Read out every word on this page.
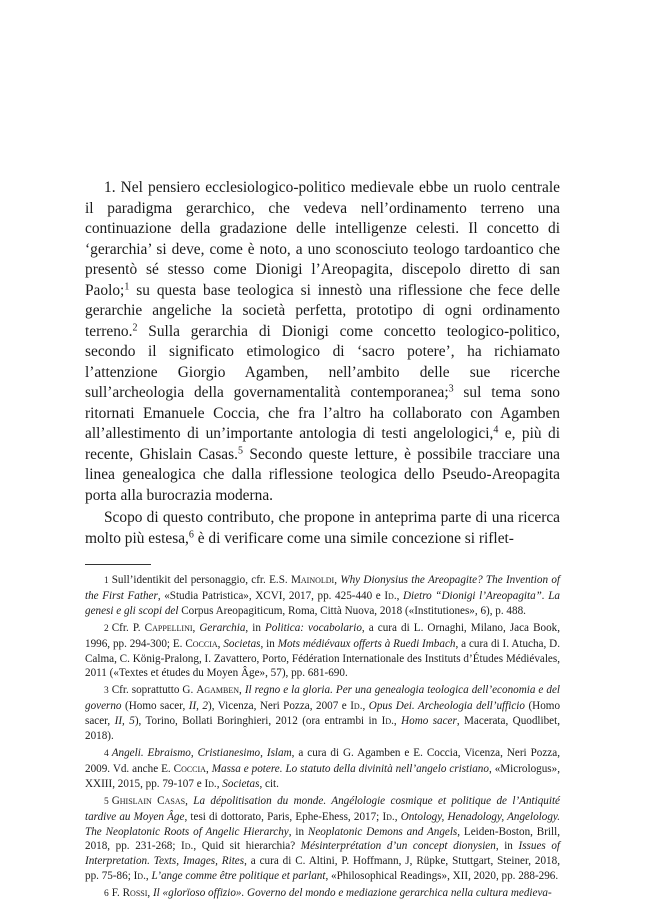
1. Nel pensiero ecclesiologico-politico medievale ebbe un ruolo centrale il paradigma gerarchico, che vedeva nell’ordinamento terreno una continuazione della gradazione delle intelligenze celesti. Il concetto di ‘gerarchia’ si deve, come è noto, a uno sconosciuto teologo tardoantico che presentò sé stesso come Dionigi l’Areopagita, discepolo diretto di san Paolo;$^1$ su questa base teologica si innestò una riflessione che fece delle gerarchie angeliche la società perfetta, prototipo di ogni ordinamento terreno.$^2$ Sulla gerarchia di Dionigi come concetto teologico-politico, secondo il significato etimologico di ‘sacro potere’, ha richiamato l’attenzione Giorgio Agamben, nell’ambito delle sue ricerche sull’archeologia della governamentalità contemporanea;$^3$ sul tema sono ritornati Emanuele Coccia, che fra l’altro ha collaborato con Agamben all’allestimento di un’importante antologia di testi angelologici,$^4$ e, più di recente, Ghislain Casas.$^5$ Secondo queste letture, è possibile tracciare una linea genealogica che dalla riflessione teologica dello Pseudo-Areopagita porta alla burocrazia moderna.

Scopo di questo contributo, che propone in anteprima parte di una ricerca molto più estesa,$^6$ è di verificare come una simile concezione si riflet-

1 Sull’identikit del personaggio, cfr. E.S. Mainoldi, Why Dionysius the Areopagite? The Invention of the First Father, «Studia Patristica», XCVI, 2017, pp. 425-440 e Id., Dietro “Dionigi l’Areopagita”. La genesi e gli scopi del Corpus Areopagiticum, Roma, Città Nuova, 2018 («Institutiones», 6), p. 488.

2 Cfr. P. Cappellini, Gerarchia, in Politica: vocabolario, a cura di L. Ornaghi, Milano, Jaca Book, 1996, pp. 294-300; E. Coccia, Societas, in Mots médiévaux offerts à Ruedi Imbach, a cura di I. Atucha, D. Calma, C. König-Pralong, I. Zavattero, Porto, Fédération Internationale des Instituts d’Études Médiévales, 2011 («Textes et études du Moyen Âge», 57), pp. 681-690.

3 Cfr. soprattutto G. Agamben, Il regno e la gloria. Per una genealogia teologica dell’economia e del governo (Homo sacer, II, 2), Vicenza, Neri Pozza, 2007 e Id., Opus Dei. Archeologia dell’ufficio (Homo sacer, II, 5), Torino, Bollati Boringhieri, 2012 (ora entrambi in Id., Homo sacer, Macerata, Quodlibet, 2018).

4 Angeli. Ebraismo, Cristianesimo, Islam, a cura di G. Agamben e E. Coccia, Vicenza, Neri Pozza, 2009. Vd. anche E. Coccia, Massa e potere. Lo statuto della divinità nell’angelo cristiano, «Micrologus», XXIII, 2015, pp. 79-107 e Id., Societas, cit.

5 Ghislain Casas, La dépolitisation du monde. Angélologie cosmique et politique de l’Antiquité tardive au Moyen Âge, tesi di dottorato, Paris, Ephe-Ehess, 2017; Id., Ontology, Henadology, Angelology. The Neoplatonic Roots of Angelic Hierarchy, in Neoplatonic Demons and Angels, Leiden-Boston, Brill, 2018, pp. 231-268; Id., Quid sit hierarchia? Mésinterprétation d’un concept dionysien, in Issues of Interpretation. Texts, Images, Rites, a cura di C. Altini, P. Hoffmann, J, Rüpke, Stuttgart, Steiner, 2018, pp. 75-86; Id., L’ange comme être politique et parlant, «Philosophical Readings», XII, 2020, pp. 288-296.

6 F. Rossi, Il «glorïoso offizio». Governo del mondo e mediazione gerarchica nella cultura medieva-
